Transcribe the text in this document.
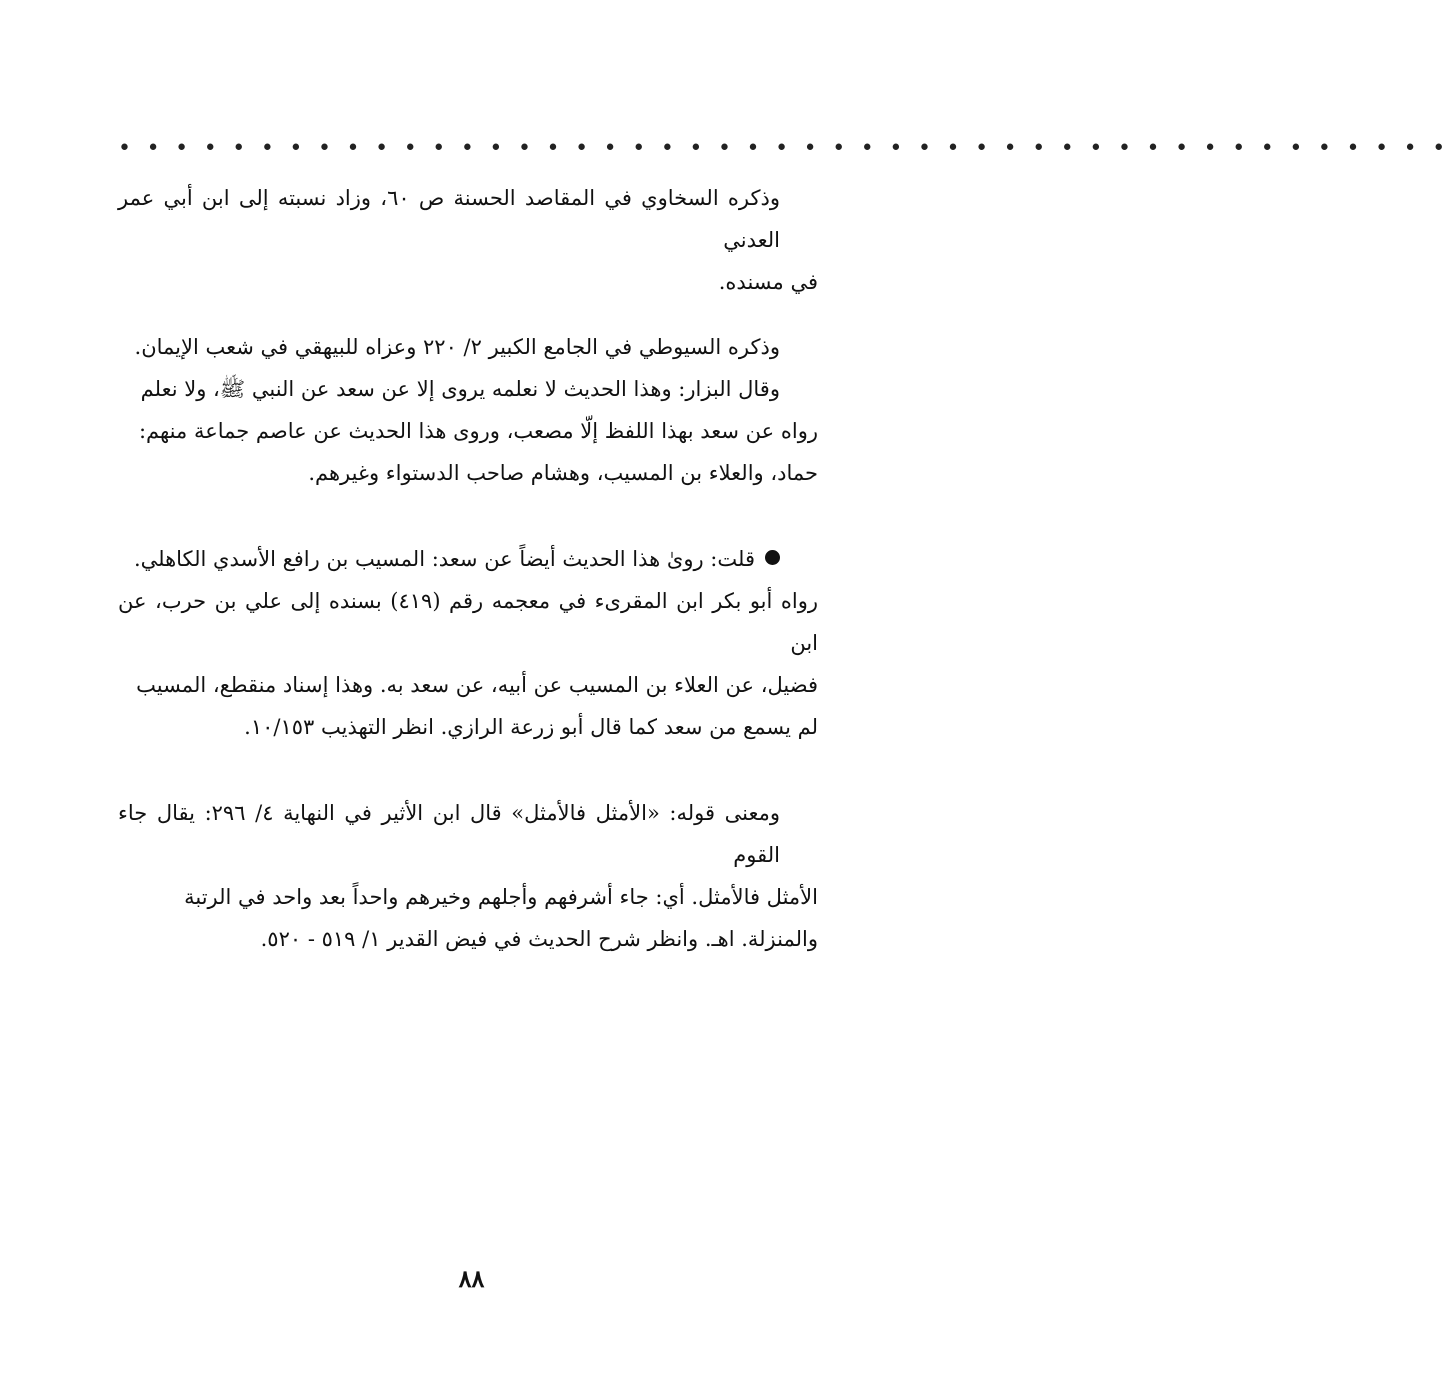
• • • • • • • • • • • • • • • • • • • • • • • • • • • • • • • • • • • • • • • • • • • • • • •

وذكره السخاوي في المقاصد الحسنة ص ٦٠، وزاد نسبته إلى ابن أبي عمر العدني
في مسنده.

وذكره السيوطي في الجامع الكبير ٢/ ٢٢٠ وعزاه للبيهقي في شعب الإيمان.
وقال البزار: وهذا الحديث لا نعلمه يروى إلا عن سعد عن النبي ﷺ، ولا نعلم
رواه عن سعد بهذا اللفظ إلّا مصعب، وروى هذا الحديث عن عاصم جماعة منهم:
حماد، والعلاء بن المسيب، وهشام صاحب الدستواء وغيرهم.

قلت: روىٰ هذا الحديث أيضاً عن سعد: المسيب بن رافع الأسدي الكاهلي.
رواه أبو بكر ابن المقرىء في معجمه رقم (٤١٩) بسنده إلى علي بن حرب، عن ابن
فضيل، عن العلاء بن المسيب عن أبيه، عن سعد به. وهذا إسناد منقطع، المسيب
لم يسمع من سعد كما قال أبو زرعة الرازي. انظر التهذيب ١٠/١٥٣.

ومعنى قوله: «الأمثل فالأمثل» قال ابن الأثير في النهاية ٤/ ٢٩٦: يقال جاء القوم
الأمثل فالأمثل. أي: جاء أشرفهم وأجلهم وخيرهم واحداً بعد واحد في الرتبة
والمنزلة. اهـ. وانظر شرح الحديث في فيض القدير ١/ ٥١٩ - ٥٢٠.

٨٨
